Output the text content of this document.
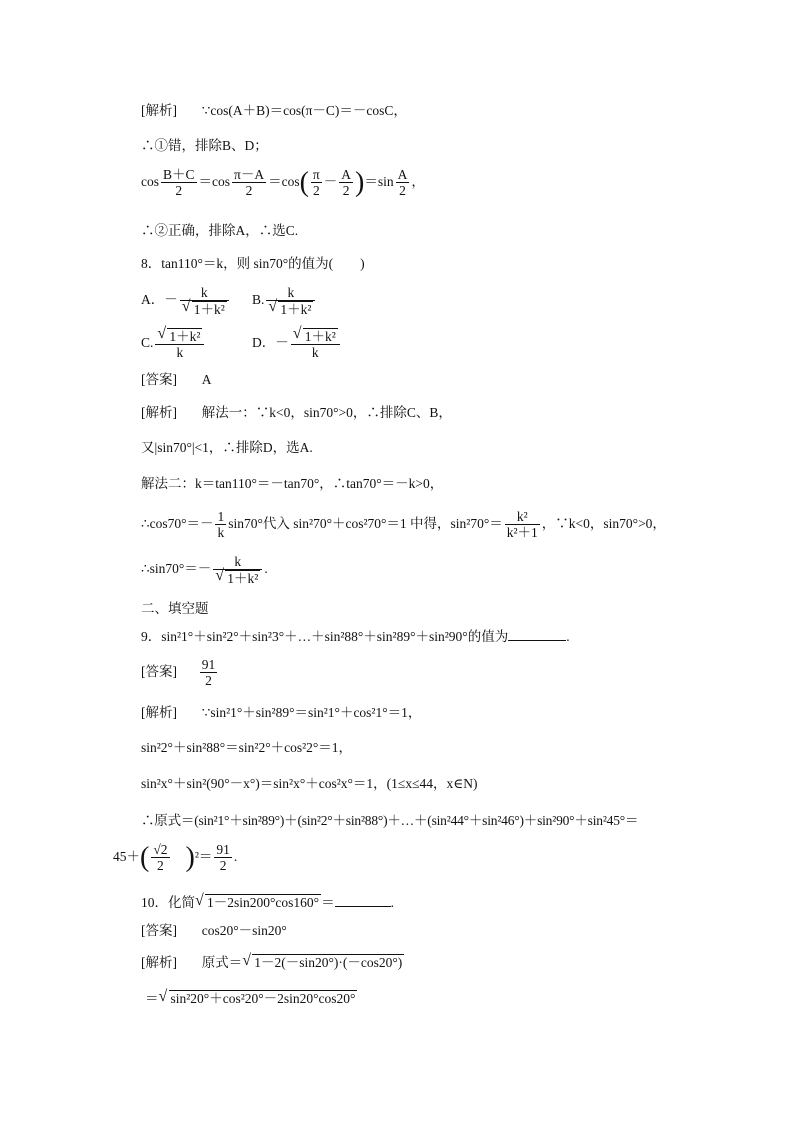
[解析] ∵cos(A＋B)＝cos(π－C)＝－cosC，
∴①错，排除B、D；
$\cos \frac{B+C}{2} =\cos \frac{\pi-A}{2} =\cos( \frac{\pi}{2} - \frac{A}{2} )=\sin \frac{A}{2}$ ，
∴②正确，排除A，∴选C.
8．tan110°＝k，则 sin70°的值为(　　)
A．－ k
√ 1＋k² B. k
√ 1＋k²
C. √ $\frac{\text{1＋k²}}{k}$	D．－ √ $\frac{\text{1＋k²}}{k}$
[答案] A
[解析] 解法一：∵k<0，sin70°>0，∴排除C、B，
又|sin70°|<1，∴排除D，选A.
解法二：k＝tan110°＝－tan70°，∴tan70°＝－k>0，
∴cos70°＝－ $\frac{1}{k} \sin 70^\circ$代入 sin²70°＋cos²70°＝1 中得，$\sin^270^\circ= \frac{\text{k²}}{\text{k²＋1}}$ ，∵k<0，sin70°>0，
∴sin70°＝－ k
√ 1＋k² .
二、填空题
9．sin²1°＋sin²2°＋sin²3°＋…＋sin²88°＋sin²89°＋sin²90°的值为	.
[答案] $\frac{91}{2}$
[解析] ∵sin²1°＋sin²89°＝sin²1°＋cos²1°＝1，
sin²2°＋sin²88°＝sin²2°＋cos²2°＝1，
sin²x°＋sin²(90°－x°)＝sin²x°＋cos²x°＝1，(1≤x≤44，x∈N)
∴原式＝(sin²1°＋sin²89°)＋(sin²2°＋sin²88°)＋…＋(sin²44°＋sin²46°)＋sin²90°＋sin²45°＝
$45+( \frac{√2}{2} )^2= \frac{91}{2}$ .
10．化简 √ 1－2sin200°cos160° ＝	.
[答案] cos20°－sin20°
[解析] 原式＝ √ 1－2(－sin20°)·(－cos20°)
＝ √ sin²20°＋cos²20°－2sin20°cos20°
